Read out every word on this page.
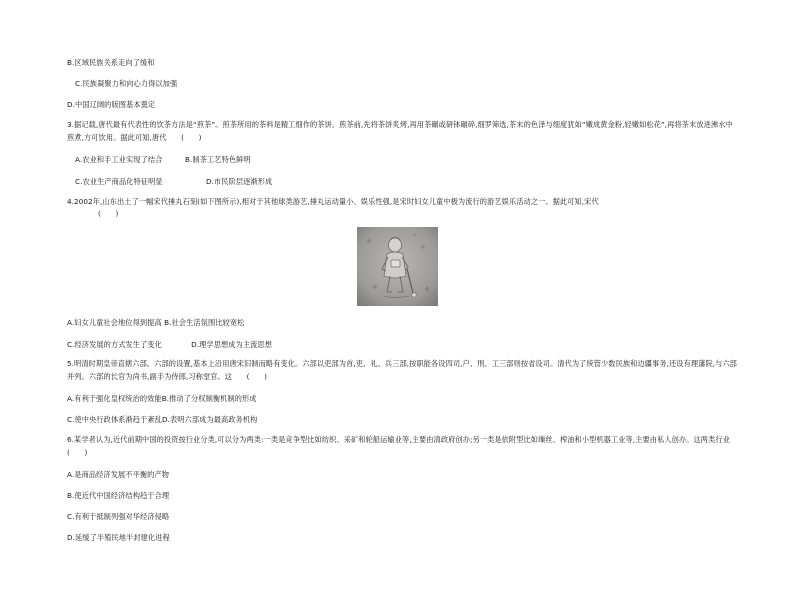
B.区域民族关系走向了缓和
C.民族凝聚力和向心力得以加强
D.中国辽阔的版图基本奠定
3.据记载,唐代最有代表性的饮茶方法是“煎茶”。煎茶所用的茶料是精工细作的茶饼。煎茶前,先将茶饼炙烤,再用茶碾或研钵碾碎,细罗筛选,茶末的色泽与细度犹如“嫩成黄金粉,轻嫩如松花”,再将茶末放进沸水中煎煮,方可饮用。据此可知,唐代　　(　　)
A.农业和手工业实现了结合	B.制茶工艺特色鲜明
C.农业生产商品化特征明显	D.市民阶层逐渐形成
4.2002年,山东出土了一幅宋代捶丸石刻(如下图所示),相对于其他球类游艺,捶丸运动量小、娱乐性强,是宋时妇女儿童中极为流行的游艺娱乐活动之一。据此可知,宋代
(　　)
A.妇女儿童社会地位得到提高 B.社会生活氛围比较宽松
C.经济发展的方式发生了变化　　　　D.理学思想成为主流思想
5.明清时期皇帝直辖六部。六部的设置,基本上沿用唐宋旧制而略有变化。六部以吏部为首,吏、礼、兵三部,按职能各设四司,户、刑、工三部则按省设司。清代为了统管少数民族和边疆事务,还设有理藩院,与六部并列。六部的长官为尚书,副手为侍郎,习称堂官。这　　(　　)
A.有利于强化皇权统治的效能B.推动了分权制衡机制的形成
C.使中央行政体系渐趋于紊乱D.表明六部成为最高政务机构
6.某学者认为,近代前期中国的投资按行业分类,可以分为两类:一类是竞争型比如纺织、采矿和轮船运输业等,主要由清政府创办;另一类是依附型比如缫丝、榨油和小型机器工业等,主要由私人创办。这两类行业　　(　　)
A.是商品经济发展不平衡的产物
B.使近代中国经济结构趋于合理
C.有利于抵制列强对华经济侵略
D.延缓了半殖民地半封建化进程
